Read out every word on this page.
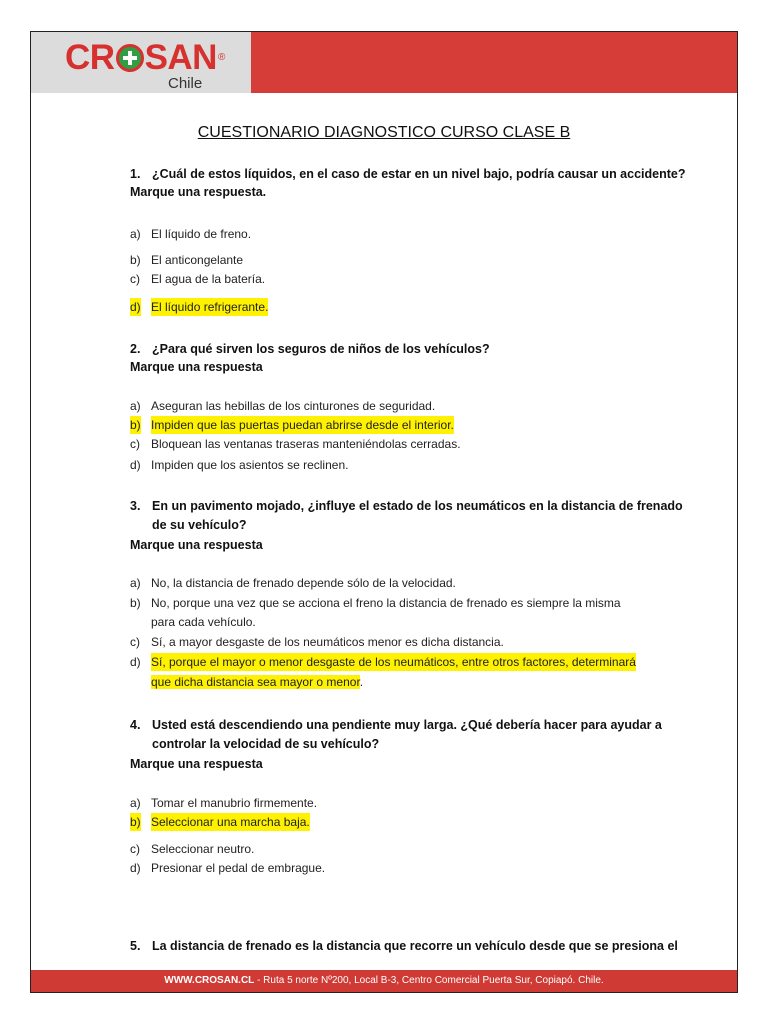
CR SAN ®
Chile
CUESTIONARIO DIAGNOSTICO CURSO CLASE B
1. ¿Cuál de estos líquidos, en el caso de estar en un nivel bajo, podría causar un accidente?
Marque una respuesta.
a) El líquido de freno.
b) El anticongelante
c) El agua de la batería.
d) El líquido refrigerante.
2. ¿Para qué sirven los seguros de niños de los vehículos?
Marque una respuesta
a) Aseguran las hebillas de los cinturones de seguridad.
b) Impiden que las puertas puedan abrirse desde el interior.
c) Bloquean las ventanas traseras manteniéndolas cerradas.
d) Impiden que los asientos se reclinen.
3. En un pavimento mojado, ¿influye el estado de los neumáticos en la distancia de frenado
de su vehículo?
Marque una respuesta
a) No, la distancia de frenado depende sólo de la velocidad.
b) No, porque una vez que se acciona el freno la distancia de frenado es siempre la misma
para cada vehículo.
c) Sí, a mayor desgaste de los neumáticos menor es dicha distancia.
d) Sí, porque el mayor o menor desgaste de los neumáticos, entre otros factores, determinará
que dicha distancia sea mayor o menor.
4. Usted está descendiendo una pendiente muy larga. ¿Qué debería hacer para ayudar a
controlar la velocidad de su vehículo?
Marque una respuesta
a) Tomar el manubrio firmemente.
b) Seleccionar una marcha baja.
c) Seleccionar neutro.
d) Presionar el pedal de embrague.
5. La distancia de frenado es la distancia que recorre un vehículo desde que se presiona el
WWW.CROSAN.CL - Ruta 5 norte Nº200, Local B-3, Centro Comercial Puerta Sur, Copiapó. Chile.
